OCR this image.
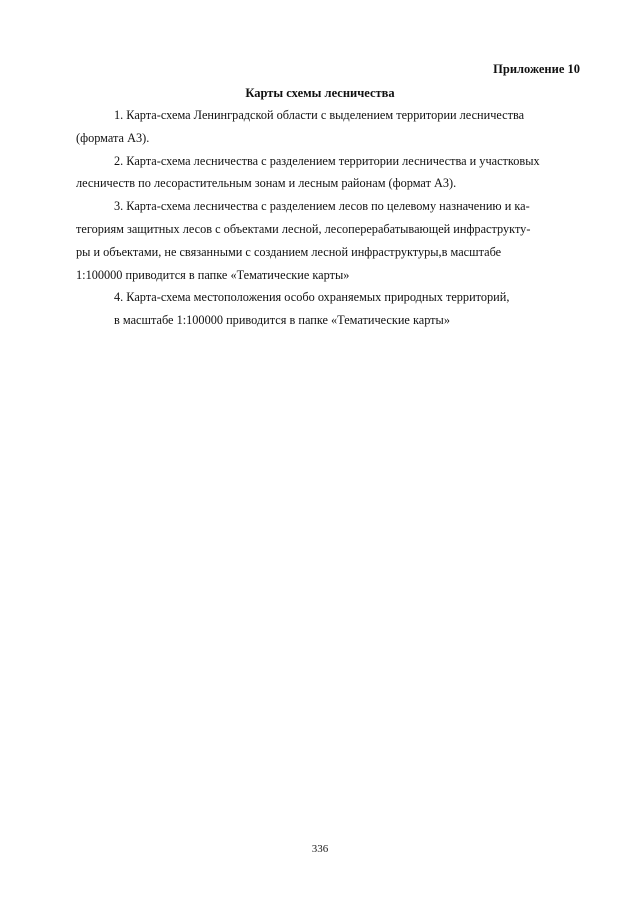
Приложение 10

Карты схемы лесничества

1. Карта-схема Ленинградской области с выделением территории лесничества
(формата А3).
2. Карта-схема лесничества с разделением территории лесничества и участковых
лесничеств по лесорастительным зонам и лесным районам (формат А3).
3. Карта-схема лесничества с разделением лесов по целевому назначению и ка-
тегориям защитных лесов с объектами лесной, лесоперерабатывающей инфраструкту-
ры и объектами, не связанными с созданием лесной инфраструктуры,в масштабе
1:100000 приводится в папке «Тематические карты»
4. Карта-схема местоположения особо охраняемых природных территорий,
в масштабе 1:100000 приводится в папке «Тематические карты»

336
